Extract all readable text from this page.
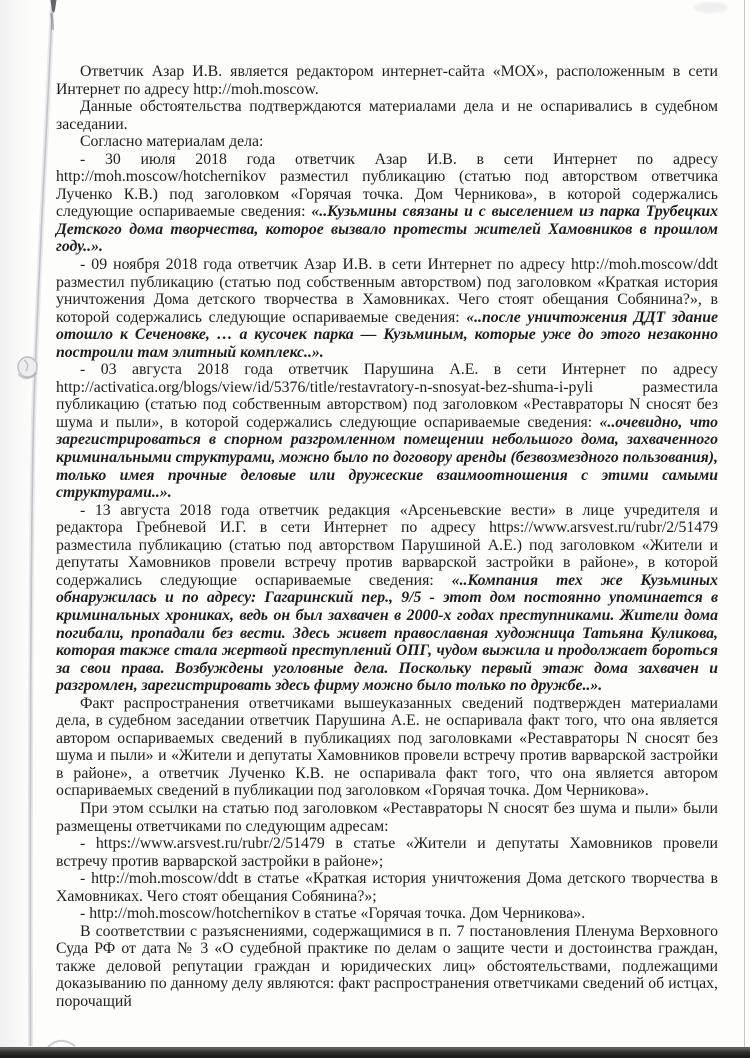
Ответчик Азар И.В. является редактором интернет-сайта «МОХ», расположенным в сети Интернет по адресу http://moh.moscow.

Данные обстоятельства подтверждаются материалами дела и не оспаривались в судебном заседании.

Согласно материалам дела:

- 30 июля 2018 года ответчик Азар И.В. в сети Интернет по адресу http://moh.moscow/hotchernikov разместил публикацию (статью под авторством ответчика Лученко К.В.) под заголовком «Горячая точка. Дом Черникова», в которой содержались следующие оспариваемые сведения: «..Кузьмины связаны и с выселением из парка Трубецких Детского дома творчества, которое вызвало протесты жителей Хамовников в прошлом году..».

- 09 ноября 2018 года ответчик Азар И.В. в сети Интернет по адресу http://moh.moscow/ddt разместил публикацию (статью под собственным авторством) под заголовком «Краткая история уничтожения Дома детского творчества в Хамовниках. Чего стоят обещания Собянина?», в которой содержались следующие оспариваемые сведения: «..после уничтожения ДДТ здание отошло к Сеченовке, … а кусочек парка — Кузьминым, которые уже до этого незаконно построили там элитный комплекс..».

- 03 августа 2018 года ответчик Парушина А.Е. в сети Интернет по адресу http://activatica.org/blogs/view/id/5376/title/restavratory-n-snosyat-bez-shuma-i-pyli разместила публикацию (статью под собственным авторством) под заголовком «Реставраторы N сносят без шума и пыли», в которой содержались следующие оспариваемые сведения: «..очевидно, что зарегистрироваться в спорном разгромленном помещении небольшого дома, захваченного криминальными структурами, можно было по договору аренды (безвозмездного пользования), только имея прочные деловые или дружеские взаимоотношения с этими самыми структурами..».

- 13 августа 2018 года ответчик редакция «Арсеньевские вести» в лице учредителя и редактора Гребневой И.Г. в сети Интернет по адресу https://www.arsvest.ru/rubr/2/51479 разместила публикацию (статью под авторством Парушиной А.Е.) под заголовком «Жители и депутаты Хамовников провели встречу против варварской застройки в районе», в которой содержались следующие оспариваемые сведения: «..Компания тех же Кузьминых обнаружилась и по адресу: Гагаринский пер., 9/5 - этот дом постоянно упоминается в криминальных хрониках, ведь он был захвачен в 2000-х годах преступниками. Жители дома погибали, пропадали без вести. Здесь живет православная художница Татьяна Куликова, которая также стала жертвой преступлений ОПГ, чудом выжила и продолжает бороться за свои права. Возбуждены уголовные дела. Поскольку первый этаж дома захвачен и разгромлен, зарегистрировать здесь фирму можно было только по дружбе..».

Факт распространения ответчиками вышеуказанных сведений подтвержден материалами дела, в судебном заседании ответчик Парушина А.Е. не оспаривала факт того, что она является автором оспариваемых сведений в публикациях под заголовками «Реставраторы N сносят без шума и пыли» и «Жители и депутаты Хамовников провели встречу против варварской застройки в районе», а ответчик Лученко К.В. не оспаривала факт того, что она является автором оспариваемых сведений в публикации под заголовком «Горячая точка. Дом Черникова».

При этом ссылки на статью под заголовком «Реставраторы N сносят без шума и пыли» были размещены ответчиками по следующим адресам:

- https://www.arsvest.ru/rubr/2/51479 в статье «Жители и депутаты Хамовников провели встречу против варварской застройки в районе»;

- http://moh.moscow/ddt в статье «Краткая история уничтожения Дома детского творчества в Хамовниках. Чего стоят обещания Собянина?»;

- http://moh.moscow/hotchernikov в статье «Горячая точка. Дом Черникова».

В соответствии с разъяснениями, содержащимися в п. 7 постановления Пленума Верховного Суда РФ от дата № 3 «О судебной практике по делам о защите чести и достоинства граждан, также деловой репутации граждан и юридических лиц» обстоятельствами, подлежащими доказыванию по данному делу являются: факт распространения ответчиками сведений об истцах, порочащий
